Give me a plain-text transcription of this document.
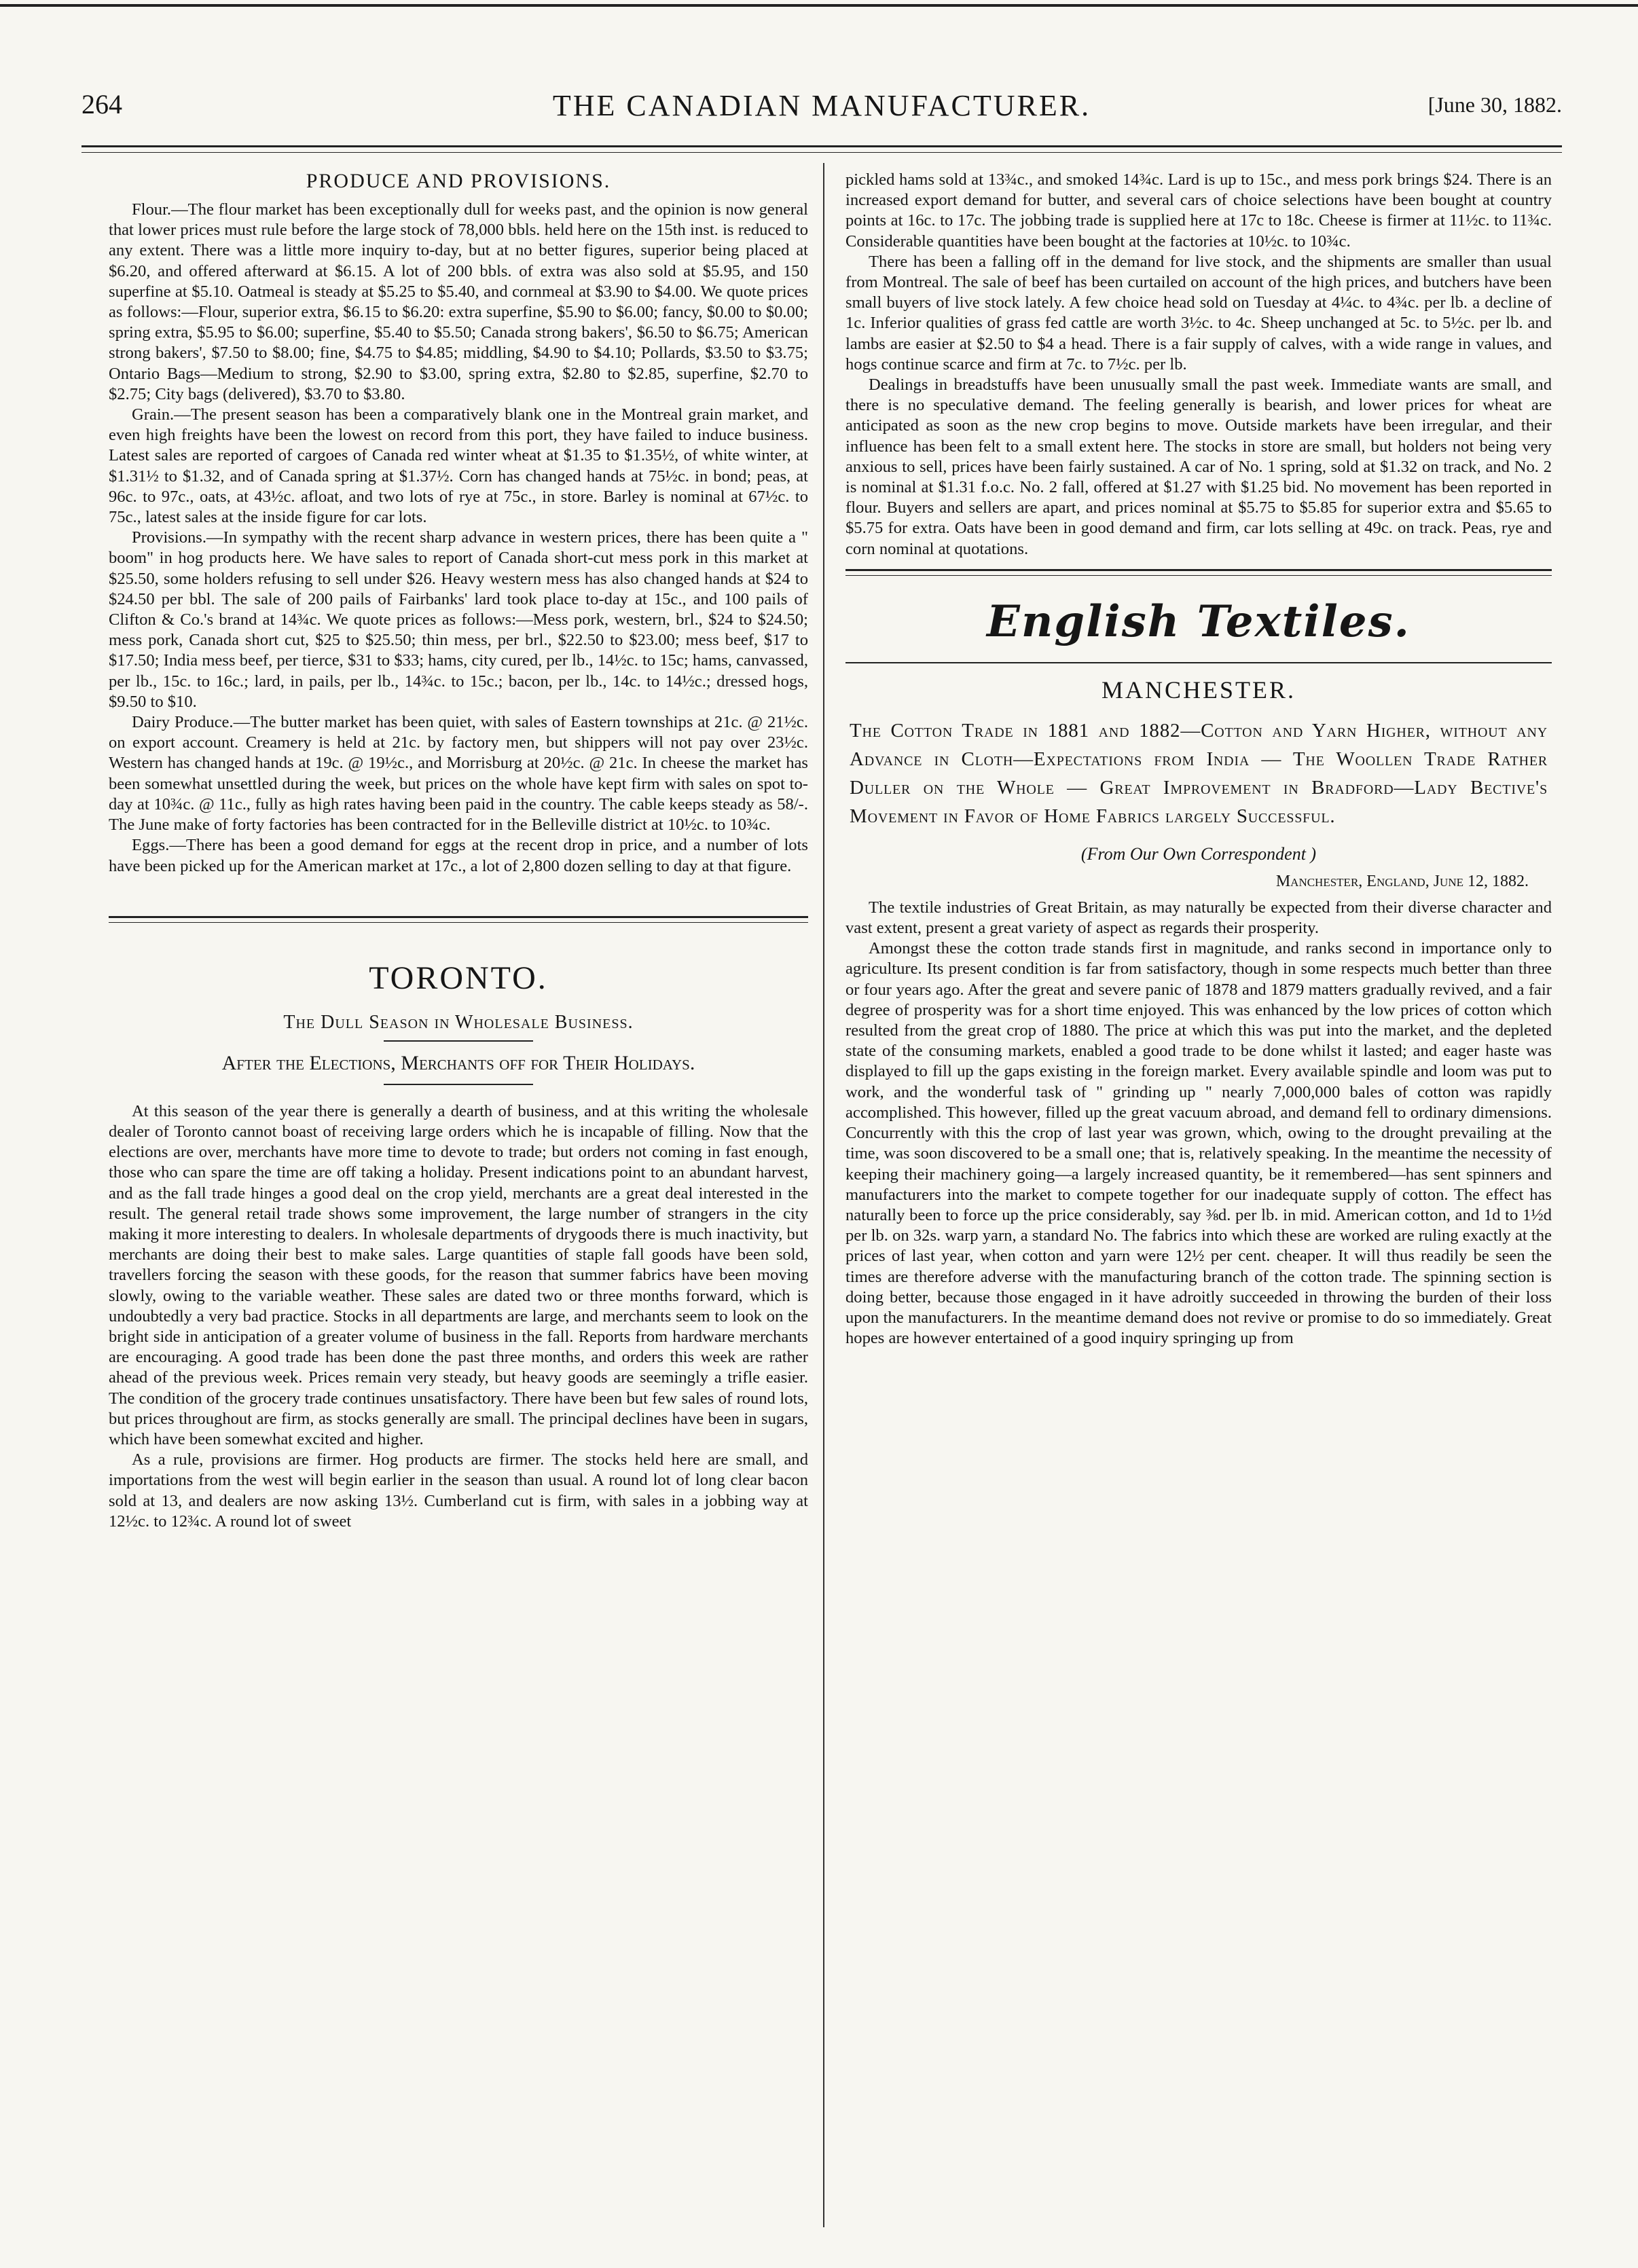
264	THE CANADIAN MANUFACTURER.	[June 30, 1882.
PRODUCE AND PROVISIONS.

Flour.—The flour market has been exceptionally dull for weeks past, and the opinion is now general that lower prices must rule before the large stock of 78,000 bbls. held here on the 15th inst. is reduced to any extent. There was a little more inquiry to-day, but at no better figures, superior being placed at $6.20, and offered afterward at $6.15. A lot of 200 bbls. of extra was also sold at $5.95, and 150 superfine at $5.10. Oatmeal is steady at $5.25 to $5.40, and cornmeal at $3.90 to $4.00. We quote prices as follows:—Flour, superior extra, $6.15 to $6.20: extra superfine, $5.90 to $6.00; fancy, $0.00 to $0.00; spring extra, $5.95 to $6.00; superfine, $5.40 to $5.50; Canada strong bakers', $6.50 to $6.75; American strong bakers', $7.50 to $8.00; fine, $4.75 to $4.85; middling, $4.90 to $4.10; Pollards, $3.50 to $3.75; Ontario Bags—Medium to strong, $2.90 to $3.00, spring extra, $2.80 to $2.85, superfine, $2.70 to $2.75; City bags (delivered), $3.70 to $3.80.

Grain.—The present season has been a comparatively blank one in the Montreal grain market, and even high freights have been the lowest on record from this port, they have failed to induce business. Latest sales are reported of cargoes of Canada red winter wheat at $1.35 to $1.35½, of white winter, at $1.31½ to $1.32, and of Canada spring at $1.37½. Corn has changed hands at 75½c. in bond; peas, at 96c. to 97c., oats, at 43½c. afloat, and two lots of rye at 75c., in store. Barley is nominal at 67½c. to 75c., latest sales at the inside figure for car lots.

Provisions.—In sympathy with the recent sharp advance in western prices, there has been quite a " boom" in hog products here. We have sales to report of Canada short-cut mess pork in this market at $25.50, some holders refusing to sell under $26. Heavy western mess has also changed hands at $24 to $24.50 per bbl. The sale of 200 pails of Fairbanks' lard took place to-day at 15c., and 100 pails of Clifton & Co.'s brand at 14¾c. We quote prices as follows:—Mess pork, western, brl., $24 to $24.50; mess pork, Canada short cut, $25 to $25.50; thin mess, per brl., $22.50 to $23.00; mess beef, $17 to $17.50; India mess beef, per tierce, $31 to $33; hams, city cured, per lb., 14½c. to 15c; hams, canvassed, per lb., 15c. to 16c.; lard, in pails, per lb., 14¾c. to 15c.; bacon, per lb., 14c. to 14½c.; dressed hogs, $9.50 to $10.

Dairy Produce.—The butter market has been quiet, with sales of Eastern townships at 21c. @ 21½c. on export account. Creamery is held at 21c. by factory men, but shippers will not pay over 23½c. Western has changed hands at 19c. @ 19½c., and Morrisburg at 20½c. @ 21c. In cheese the market has been somewhat unsettled during the week, but prices on the whole have kept firm with sales on spot to-day at 10¾c. @ 11c., fully as high rates having been paid in the country. The cable keeps steady as 58/-. The June make of forty factories has been contracted for in the Belleville district at 10½c. to 10¾c.

Eggs.—There has been a good demand for eggs at the recent drop in price, and a number of lots have been picked up for the American market at 17c., a lot of 2,800 dozen selling to day at that figure.

TORONTO.
The Dull Season in Wholesale Business.
After the Elections, Merchants off for Their Holidays.

At this season of the year there is generally a dearth of business, and at this writing the wholesale dealer of Toronto cannot boast of receiving large orders which he is incapable of filling. Now that the elections are over, merchants have more time to devote to trade; but orders not coming in fast enough, those who can spare the time are off taking a holiday. Present indications point to an abundant harvest, and as the fall trade hinges a good deal on the crop yield, merchants are a great deal interested in the result. The general retail trade shows some improvement, the large number of strangers in the city making it more interesting to dealers. In wholesale departments of drygoods there is much inactivity, but merchants are doing their best to make sales. Large quantities of staple fall goods have been sold, travellers forcing the season with these goods, for the reason that summer fabrics have been moving slowly, owing to the variable weather. These sales are dated two or three months forward, which is undoubtedly a very bad practice. Stocks in all departments are large, and merchants seem to look on the bright side in anticipation of a greater volume of business in the fall. Reports from hardware merchants are encouraging. A good trade has been done the past three months, and orders this week are rather ahead of the previous week. Prices remain very steady, but heavy goods are seemingly a trifle easier. The condition of the grocery trade continues unsatisfactory. There have been but few sales of round lots, but prices throughout are firm, as stocks generally are small. The principal declines have been in sugars, which have been somewhat excited and higher.

As a rule, provisions are firmer. Hog products are firmer. The stocks held here are small, and importations from the west will begin earlier in the season than usual. A round lot of long clear bacon sold at 13, and dealers are now asking 13½. Cumberland cut is firm, with sales in a jobbing way at 12½c. to 12¾c. A round lot of sweet

pickled hams sold at 13¾c., and smoked 14¾c. Lard is up to 15c., and mess pork brings $24. There is an increased export demand for butter, and several cars of choice selections have been bought at country points at 16c. to 17c. The jobbing trade is supplied here at 17c to 18c. Cheese is firmer at 11½c. to 11¾c. Considerable quantities have been bought at the factories at 10½c. to 10¾c.

There has been a falling off in the demand for live stock, and the shipments are smaller than usual from Montreal. The sale of beef has been curtailed on account of the high prices, and butchers have been small buyers of live stock lately. A few choice head sold on Tuesday at 4¼c. to 4¾c. per lb. a decline of 1c. Inferior qualities of grass fed cattle are worth 3½c. to 4c. Sheep unchanged at 5c. to 5½c. per lb. and lambs are easier at $2.50 to $4 a head. There is a fair supply of calves, with a wide range in values, and hogs continue scarce and firm at 7c. to 7½c. per lb.

Dealings in breadstuffs have been unusually small the past week. Immediate wants are small, and there is no speculative demand. The feeling generally is bearish, and lower prices for wheat are anticipated as soon as the new crop begins to move. Outside markets have been irregular, and their influence has been felt to a small extent here. The stocks in store are small, but holders not being very anxious to sell, prices have been fairly sustained. A car of No. 1 spring, sold at $1.32 on track, and No. 2 is nominal at $1.31 f.o.c. No. 2 fall, offered at $1.27 with $1.25 bid. No movement has been reported in flour. Buyers and sellers are apart, and prices nominal at $5.75 to $5.85 for superior extra and $5.65 to $5.75 for extra. Oats have been in good demand and firm, car lots selling at 49c. on track. Peas, rye and corn nominal at quotations.

English Textiles.
MANCHESTER.
The Cotton Trade in 1881 and 1882—Cotton and Yarn Higher, without any Advance in Cloth—Expectations from India — The Woollen Trade Rather Duller on the Whole — Great Improvement in Bradford—Lady Bective's Movement in Favor of Home Fabrics largely Successful.
(From Our Own Correspondent )
Manchester, England, June 12, 1882.

The textile industries of Great Britain, as may naturally be expected from their diverse character and vast extent, present a great variety of aspect as regards their prosperity.

Amongst these the cotton trade stands first in magnitude, and ranks second in importance only to agriculture. Its present condition is far from satisfactory, though in some respects much better than three or four years ago. After the great and severe panic of 1878 and 1879 matters gradually revived, and a fair degree of prosperity was for a short time enjoyed. This was enhanced by the low prices of cotton which resulted from the great crop of 1880. The price at which this was put into the market, and the depleted state of the consuming markets, enabled a good trade to be done whilst it lasted; and eager haste was displayed to fill up the gaps existing in the foreign market. Every available spindle and loom was put to work, and the wonderful task of " grinding up " nearly 7,000,000 bales of cotton was rapidly accomplished. This however, filled up the great vacuum abroad, and demand fell to ordinary dimensions. Concurrently with this the crop of last year was grown, which, owing to the drought prevailing at the time, was soon discovered to be a small one; that is, relatively speaking. In the meantime the necessity of keeping their machinery going—a largely increased quantity, be it remembered—has sent spinners and manufacturers into the market to compete together for our inadequate supply of cotton. The effect has naturally been to force up the price considerably, say ⅜d. per lb. in mid. American cotton, and 1d to 1½d per lb. on 32s. warp yarn, a standard No. The fabrics into which these are worked are ruling exactly at the prices of last year, when cotton and yarn were 12½ per cent. cheaper. It will thus readily be seen the times are therefore adverse with the manufacturing branch of the cotton trade. The spinning section is doing better, because those engaged in it have adroitly succeeded in throwing the burden of their loss upon the manufacturers. In the meantime demand does not revive or promise to do so immediately. Great hopes are however entertained of a good inquiry springing up from
